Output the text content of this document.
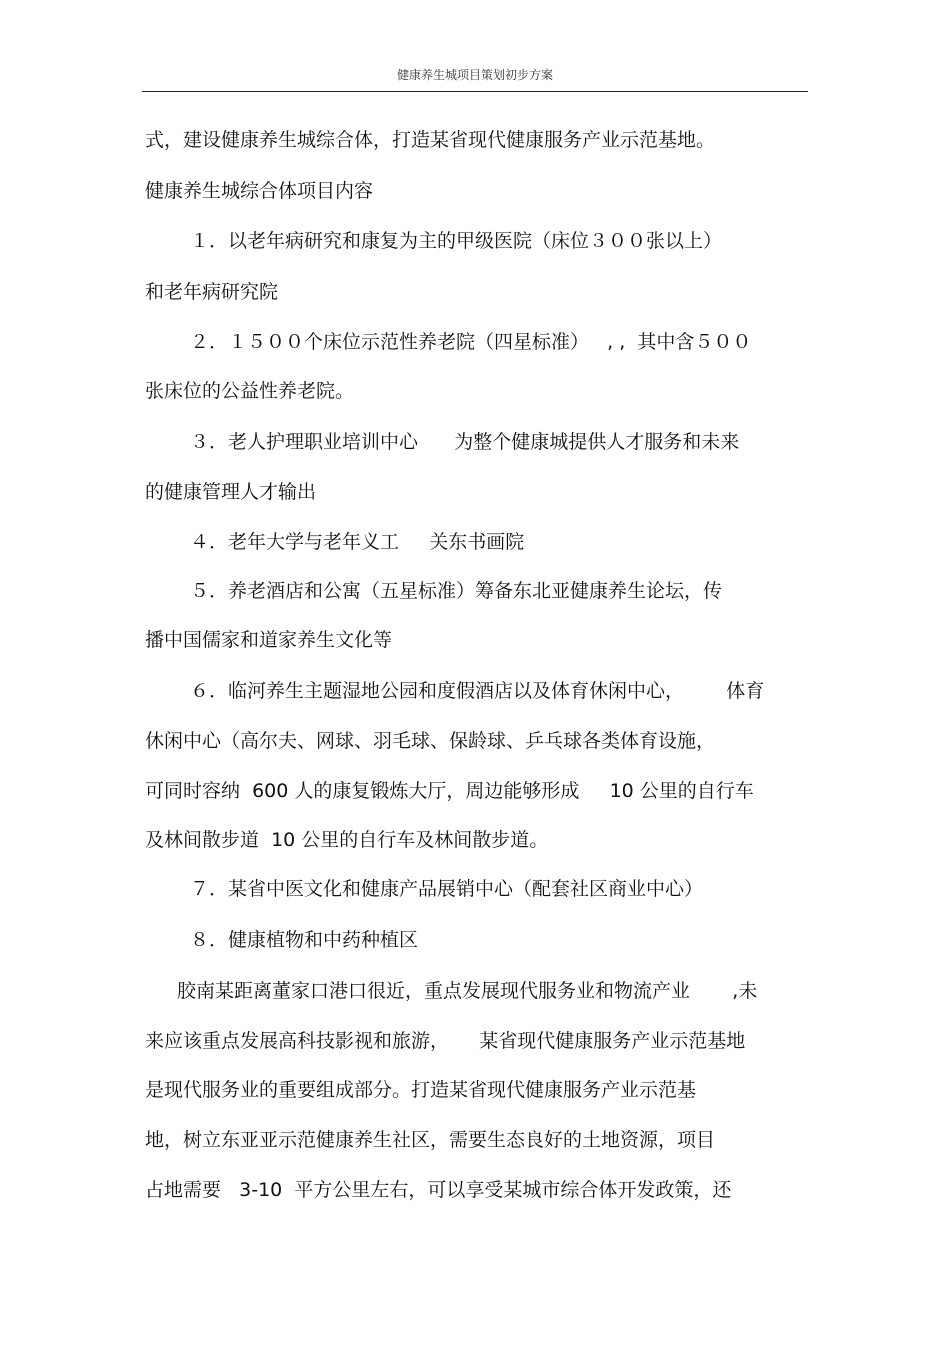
健康养生城项目策划初步方案
式，建设健康养生城综合体，打造某省现代健康服务产业示范基地。
健康养生城综合体项目内容
１．以老年病研究和康复为主的甲级医院（床位３００张以上）
和老年病研究院
２．１５００个床位示范性养老院（四星标准）   , ,  其中含５００
张床位的公益性养老院。
３．老人护理职业培训中心      为整个健康城提供人才服务和未来
的健康管理人才输出
４．老年大学与老年义工     关东书画院
５．养老酒店和公寓（五星标准）筹备东北亚健康养生论坛，传
播中国儒家和道家养生文化等
６．临河养生主题湿地公园和度假酒店以及体育休闲中心，       体育
休闲中心（高尔夫、网球、羽毛球、保龄球、乒乓球各类体育设施，
可同时容纳  600 人的康复锻炼大厅，周边能够形成     10 公里的自行车
及林间散步道  10 公里的自行车及林间散步道。
７．某省中医文化和健康产品展销中心（配套社区商业中心）
８．健康植物和中药种植区
胶南某距离董家口港口很近，重点发展现代服务业和物流产业       ,未
来应该重点发展高科技影视和旅游，     某省现代健康服务产业示范基地
是现代服务业的重要组成部分。打造某省现代健康服务产业示范基
地，树立东亚亚示范健康养生社区，需要生态良好的土地资源，项目
占地需要   3-10  平方公里左右，可以享受某城市综合体开发政策，还
